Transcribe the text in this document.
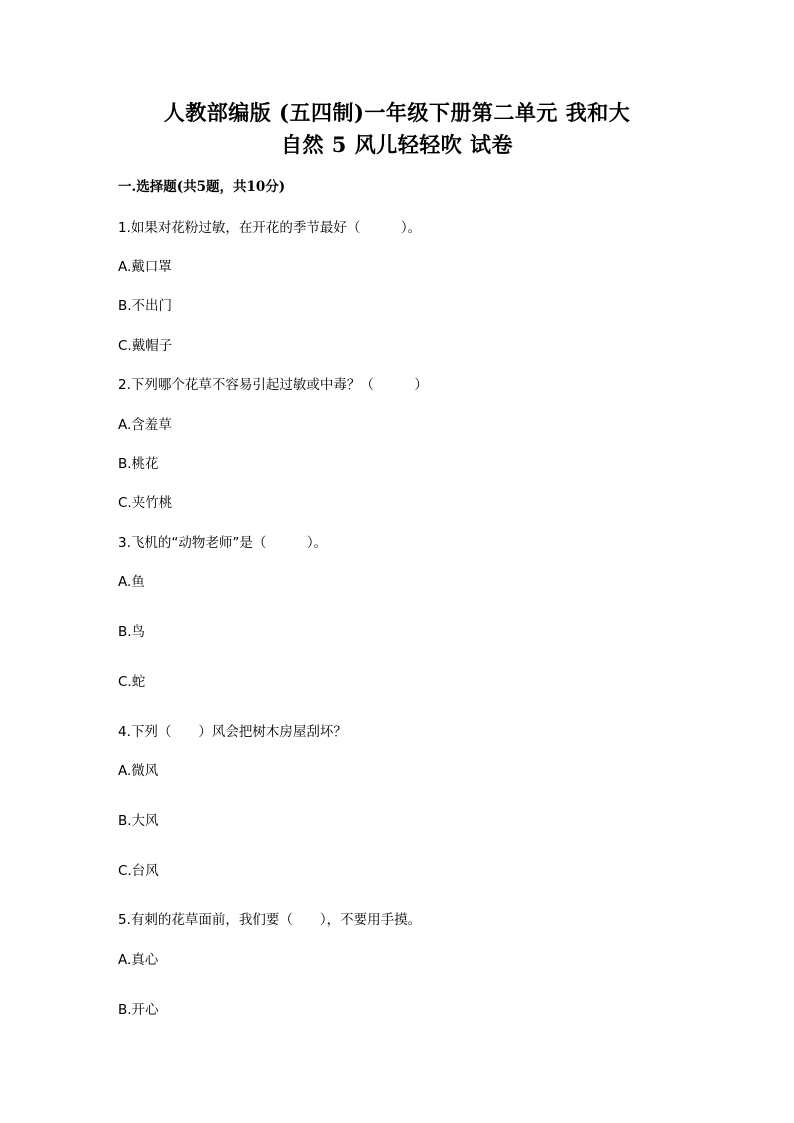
人教部编版 (五四制)一年级下册第二单元 我和大
自然 5 风儿轻轻吹 试卷
一.选择题(共5题，共10分)
1.如果对花粉过敏，在开花的季节最好（　　　）。
A.戴口罩
B.不出门
C.戴帽子
2.下列哪个花草不容易引起过敏或中毒？（　　　）
A.含羞草
B.桃花
C.夹竹桃
3.飞机的“动物老师”是（　　　）。
A.鱼
B.鸟
C.蛇
4.下列（　　）风会把树木房屋刮坏？
A.微风
B.大风
C.台风
5.有刺的花草面前，我们要（　　），不要用手摸。
A.真心
B.开心
